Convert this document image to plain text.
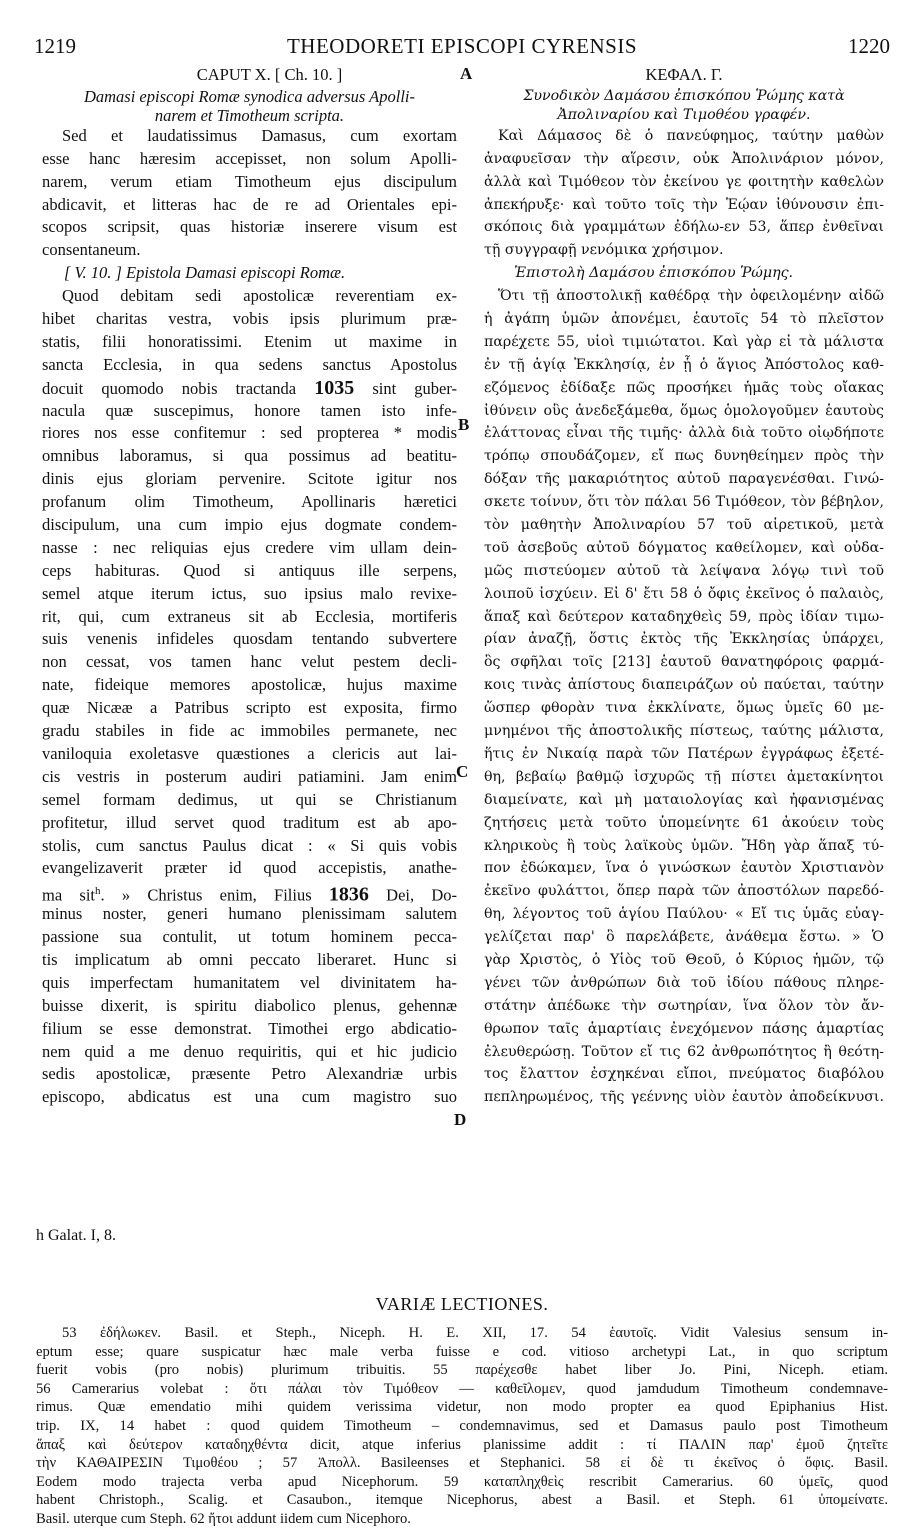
1219	THEODORETI EPISCOPI CYRENSIS	1220
CAPUT X. [ Ch. 10. ]
Damasi episcopi Romæ synodica adversus Apolli-
narem et Timotheum scripta.
Sed et laudatissimus Damasus, cum exortam
esse hanc hæresim accepisset, non solum Apolli-
narem, verum etiam Timotheum ejus discipulum
abdicavit, et litteras hac de re ad Orientales epi-
scopos scripsit, quas historiæ inserere visum est
consentaneum.
[ V. 10. ] Epistola Damasi episcopi Romæ.
Quod debitam sedi apostolicæ reverentiam ex-
hibet charitas vestra, vobis ipsis plurimum præ-
statis, filii honoratissimi. Etenim ut maxime in
sancta Ecclesia, in qua sedens sanctus Apostolus
docuit quomodo nobis tractanda 1035 sint guber-
nacula quæ suscepimus, honore tamen isto infe-
riores nos esse confitemur : sed propterea * modis
omnibus laboramus, si qua possimus ad beatitu-
dinis ejus gloriam pervenire. Scitote igitur nos
profanum olim Timotheum, Apollinaris hæretici
discipulum, una cum impio ejus dogmate condem-
nasse : nec reliquias ejus credere vim ullam dein-
ceps habituras. Quod si antiquus ille serpens,
semel atque iterum ictus, suo ipsius malo revixe-
rit, qui, cum extraneus sit ab Ecclesia, mortiferis
suis venenis infideles quosdam tentando subvertere
non cessat, vos tamen hanc velut pestem decli-
nate, fideique memores apostolicæ, hujus maxime
quæ Nicææ a Patribus scripto est exposita, firmo
gradu stabiles in fide ac immobiles permanete, nec
vaniloquia exoletasve quæstiones a clericis aut lai-
cis vestris in posterum audiri patiamini. Jam enim
semel formam dedimus, ut qui se Christianum
profitetur, illud servet quod traditum est ab apo-
stolis, cum sanctus Paulus dicat : « Si quis vobis
evangelizaverit præter id quod accepistis, anathe-
ma sit$^h$. » Christus enim, Filius 1836 Dei, Do-
minus noster, generi humano plenissimam salutem
passione sua contulit, ut totum hominem pecca-
tis implicatum ab omni peccato liberaret. Hunc si
quis imperfectam humanitatem vel divinitatem ha-
buisse dixerit, is spiritu diabolico plenus, gehennæ
filium se esse demonstrat. Timothei ergo abdicatio-
nem quid a me denuo requiritis, qui et hic judicio
sedis apostolicæ, præsente Petro Alexandriæ urbis
episcopo, abdicatus est una cum magistro suo
A
B
C
D
ΚΕΦΑΛ. Γ.
Συνοδικὸν Δαμάσου ἐπισκόπου Ῥώμης κατὰ
Ἀπολιναρίου καὶ Τιμοθέου γραφέν.
Καὶ Δάμασος δὲ ὁ πανεύφημος, ταύτην μαθὼν
ἀναφυεῖσαν τὴν αἵρεσιν, οὐκ Ἀπολινάριον μόνον,
ἀλλὰ καὶ Τιμόθεον τὸν ἐκείνου γε φοιτητὴν καθελὼν
ἀπεκήρυξε· καὶ τοῦτο τοῖς τὴν Ἑῴαν ἰθύνουσιν ἐπι-
σκόποις διὰ γραμμάτων ἐδήλω-εν 53, ἅπερ ἐνθεῖναι
τῇ συγγραφῇ νενόμικα χρήσιμον.
Ἐπιστολὴ Δαμάσου ἐπισκόπου Ῥώμης.
Ὅτι τῇ ἀποστολικῇ καθέδρᾳ τὴν ὀφειλομένην αἰδῶ
ἡ ἀγάπη ὑμῶν ἀπονέμει, ἑαυτοῖς 54 τὸ πλεῖστον
παρέχετε 55, υἱοὶ τιμιώτατοι. Καὶ γὰρ εἰ τὰ μάλιστα
ἐν τῇ ἁγίᾳ Ἐκκλησίᾳ, ἐν ᾗ ὁ ἅγιος Ἀπόστολος καθ-
εζόμενος ἐδίδαξε πῶς προσήκει ἡμᾶς τοὺς οἴακας
ἰθύνειν οὓς ἀνεδεξάμεθα, ὅμως ὁμολογοῦμεν ἑαυτοὺς
ἐλάττονας εἶναι τῆς τιμῆς· ἀλλὰ διὰ τοῦτο οἰῳδήποτε
τρόπῳ σπουδάζομεν, εἴ πως δυνηθείημεν πρὸς τὴν
δόξαν τῆς μακαριότητος αὐτοῦ παραγενέσθαι. Γινώ-
σκετε τοίνυν, ὅτι τὸν πάλαι 56 Τιμόθεον, τὸν βέβηλον,
τὸν μαθητὴν Ἀπολιναρίου 57 τοῦ αἱρετικοῦ, μετὰ
τοῦ ἀσεβοῦς αὐτοῦ δόγματος καθείλομεν, καὶ οὐδα-
μῶς πιστεύομεν αὐτοῦ τὰ λείψανα λόγῳ τινὶ τοῦ
λοιποῦ ἰσχύειν. Εἰ δ' ἔτι 58 ὁ ὄφις ἐκεῖνος ὁ παλαιὸς,
ἅπαξ καὶ δεύτερον καταδηχθεὶς 59, πρὸς ἰδίαν τιμω-
ρίαν ἀναζῇ, ὅστις ἐκτὸς τῆς Ἐκκλησίας ὑπάρχει,
ὃς σφῆλαι τοῖς [213] ἑαυτοῦ θανατηφόροις φαρμά-
κοις τινὰς ἀπίστους διαπειράζων οὐ παύεται, ταύτην
ὥσπερ φθορὰν τινα ἐκκλίνατε, ὅμως ὑμεῖς 60 με-
μνημένοι τῆς ἀποστολικῆς πίστεως, ταύτης μάλιστα,
ἥτις ἐν Νικαίᾳ παρὰ τῶν Πατέρων ἐγγράφως ἐξετέ-
θη, βεβαίῳ βαθμῷ ἰσχυρῶς τῇ πίστει ἀμετακίνητοι
διαμείνατε, καὶ μὴ ματαιολογίας καὶ ἠφανισμένας
ζητήσεις μετὰ τοῦτο ὑπομείνητε 61 ἀκούειν τοὺς
κληρικοὺς ἢ τοὺς λαϊκοὺς ὑμῶν. Ἤδη γὰρ ἅπαξ τύ-
πον ἐδώκαμεν, ἵνα ὁ γινώσκων ἑαυτὸν Χριστιανὸν
ἐκεῖνο φυλάττοι, ὅπερ παρὰ τῶν ἀποστόλων παρεδό-
θη, λέγοντος τοῦ ἁγίου Παύλου· « Εἴ τις ὑμᾶς εὐαγ-
γελίζεται παρ' ὃ παρελάβετε, ἀνάθεμα ἔστω. » Ὁ
γὰρ Χριστὸς, ὁ Υἱὸς τοῦ Θεοῦ, ὁ Κύριος ἡμῶν, τῷ
γένει τῶν ἀνθρώπων διὰ τοῦ ἰδίου πάθους πληρε-
στάτην ἀπέδωκε τὴν σωτηρίαν, ἵνα ὅλον τὸν ἄν-
θρωπον ταῖς ἁμαρτίαις ἐνεχόμενον πάσης ἁμαρτίας
ἐλευθερώσῃ. Τοῦτον εἴ τις 62 ἀνθρωπότητος ἢ θεότη-
τος ἔλαττον ἐσχηκέναι εἴποι, πνεύματος διαβόλου
πεπληρωμένος, τῆς γεέννης υἱὸν ἑαυτὸν ἀποδείκνυσι.
h Galat. I, 8.
VARIÆ LECTIONES.
53 ἐδήλωκεν. Basil. et Steph., Niceph. H. E. XII, 17. 54 ἑαυτοῖς. Vidit Valesius sensum in-
eptum esse; quare suspicatur hæc male verba fuisse e cod. vitioso archetypi Lat., in quo scriptum
fuerit vobis (pro nobis) plurimum tribuitis. 55 παρέχεσθε habet liber Jo. Pini, Niceph. etiam.
56 Camerarius volebat : ὅτι πάλαι τὸν Τιμόθεον — καθεῖλομεν, quod jamdudum Timotheum condemnave-
rimus. Quæ emendatio mihi quidem verissima videtur, non modo propter ea quod Epiphanius Hist.
trip. IX, 14 habet : quod quidem Timotheum – condemnavimus, sed et Damasus paulo post Timotheum
ἅπαξ καὶ δεύτερον καταδηχθέντα dicit, atque inferius planissime addit : τί ΠΑΛΙΝ παρ' ἐμοῦ ζητεῖτε
τὴν ΚΑΘΑΙΡΕΣΙΝ Τιμοθέου ; 57 Ἀπολλ. Basileenses et Stephanici. 58 εἰ δὲ τι ἐκεῖνος ὁ ὄφις. Basil.
Eodem modo trajecta verba apud Nicephorum. 59 καταπληχθεὶς rescribit Camerarius. 60 ὑμεῖς, quod
habent Christoph., Scalig. et Casaubon., itemque Nicephorus, abest a Basil. et Steph. 61 ὑπομείνατε.
Basil. uterque cum Steph. 62 ἤτοι addunt iidem cum Nicephoro.
